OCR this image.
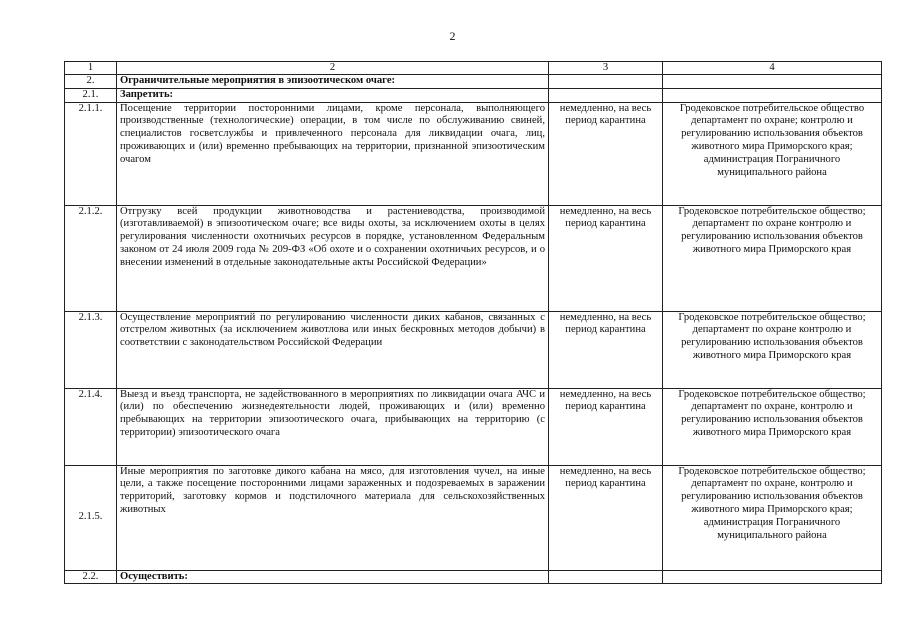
2
1	2	3	4
2.	Ограничительные мероприятия в эпизоотическом очаге:		
2.1.	Запретить:		
2.1.1.	Посещение территории посторонними лицами, кроме персонала, выполняющего производственные (технологические) операции, в том числе по обслуживанию свиней, специалистов госветслужбы и привлеченного персонала для ликвидации очага, лиц, проживающих и (или) временно пребывающих на территории, признанной эпизоотическим очагом	немедленно, на весь период карантина	Гродековское потребительское общество департамент по охране; контролю и регулированию использования объектов животного мира Приморского края; администрация Пограничного муниципального района
2.1.2.	Отгрузку всей продукции животноводства и растениеводства, производимой (изготавливаемой) в эпизоотическом очаге; все виды охоты, за исключением охоты в целях регулирования численности охотничьих ресурсов в порядке, установленном Федеральным законом от 24 июля 2009 года № 209-ФЗ «Об охоте и о сохранении охотничьих ресурсов, и о внесении изменений в отдельные законодательные акты Российской Федерации»	немедленно, на весь период карантина	Гродековское потребительское общество; департамент по охране контролю и регулированию использования объектов животного мира Приморского края
2.1.3.	Осуществление мероприятий по регулированию численности диких кабанов, связанных с отстрелом животных (за исключением животлова или иных бескровных методов добычи) в соответствии с законодательством Российской Федерации	немедленно, на весь период карантина	Гродековское потребительское общество; департамент по охране контролю и регулированию использования объектов животного мира Приморского края
2.1.4.	Выезд и въезд транспорта, не задействованного в мероприятиях по ликвидации очага АЧС и (или) по обеспечению жизнедеятельности людей, проживающих и (или) временно пребывающих на территории эпизоотического очага, прибывающих на территорию (с территории) эпизоотического очага	немедленно, на весь период карантина	Гродековское потребительское общество; департамент по охране, контролю и регулированию использования объектов животного мира Приморского края
2.1.5.	Иные мероприятия по заготовке дикого кабана на мясо, для изготовления чучел, на иные цели, а также посещение посторонними лицами зараженных и подозреваемых в заражении территорий, заготовку кормов и подстилочного материала для сельскохозяйственных животных	немедленно, на весь период карантина	Гродековское потребительское общество; департамент по охране, контролю и регулированию использования объектов животного мира Приморского края; администрация Пограничного муниципального района
2.2.	Осуществить:		
